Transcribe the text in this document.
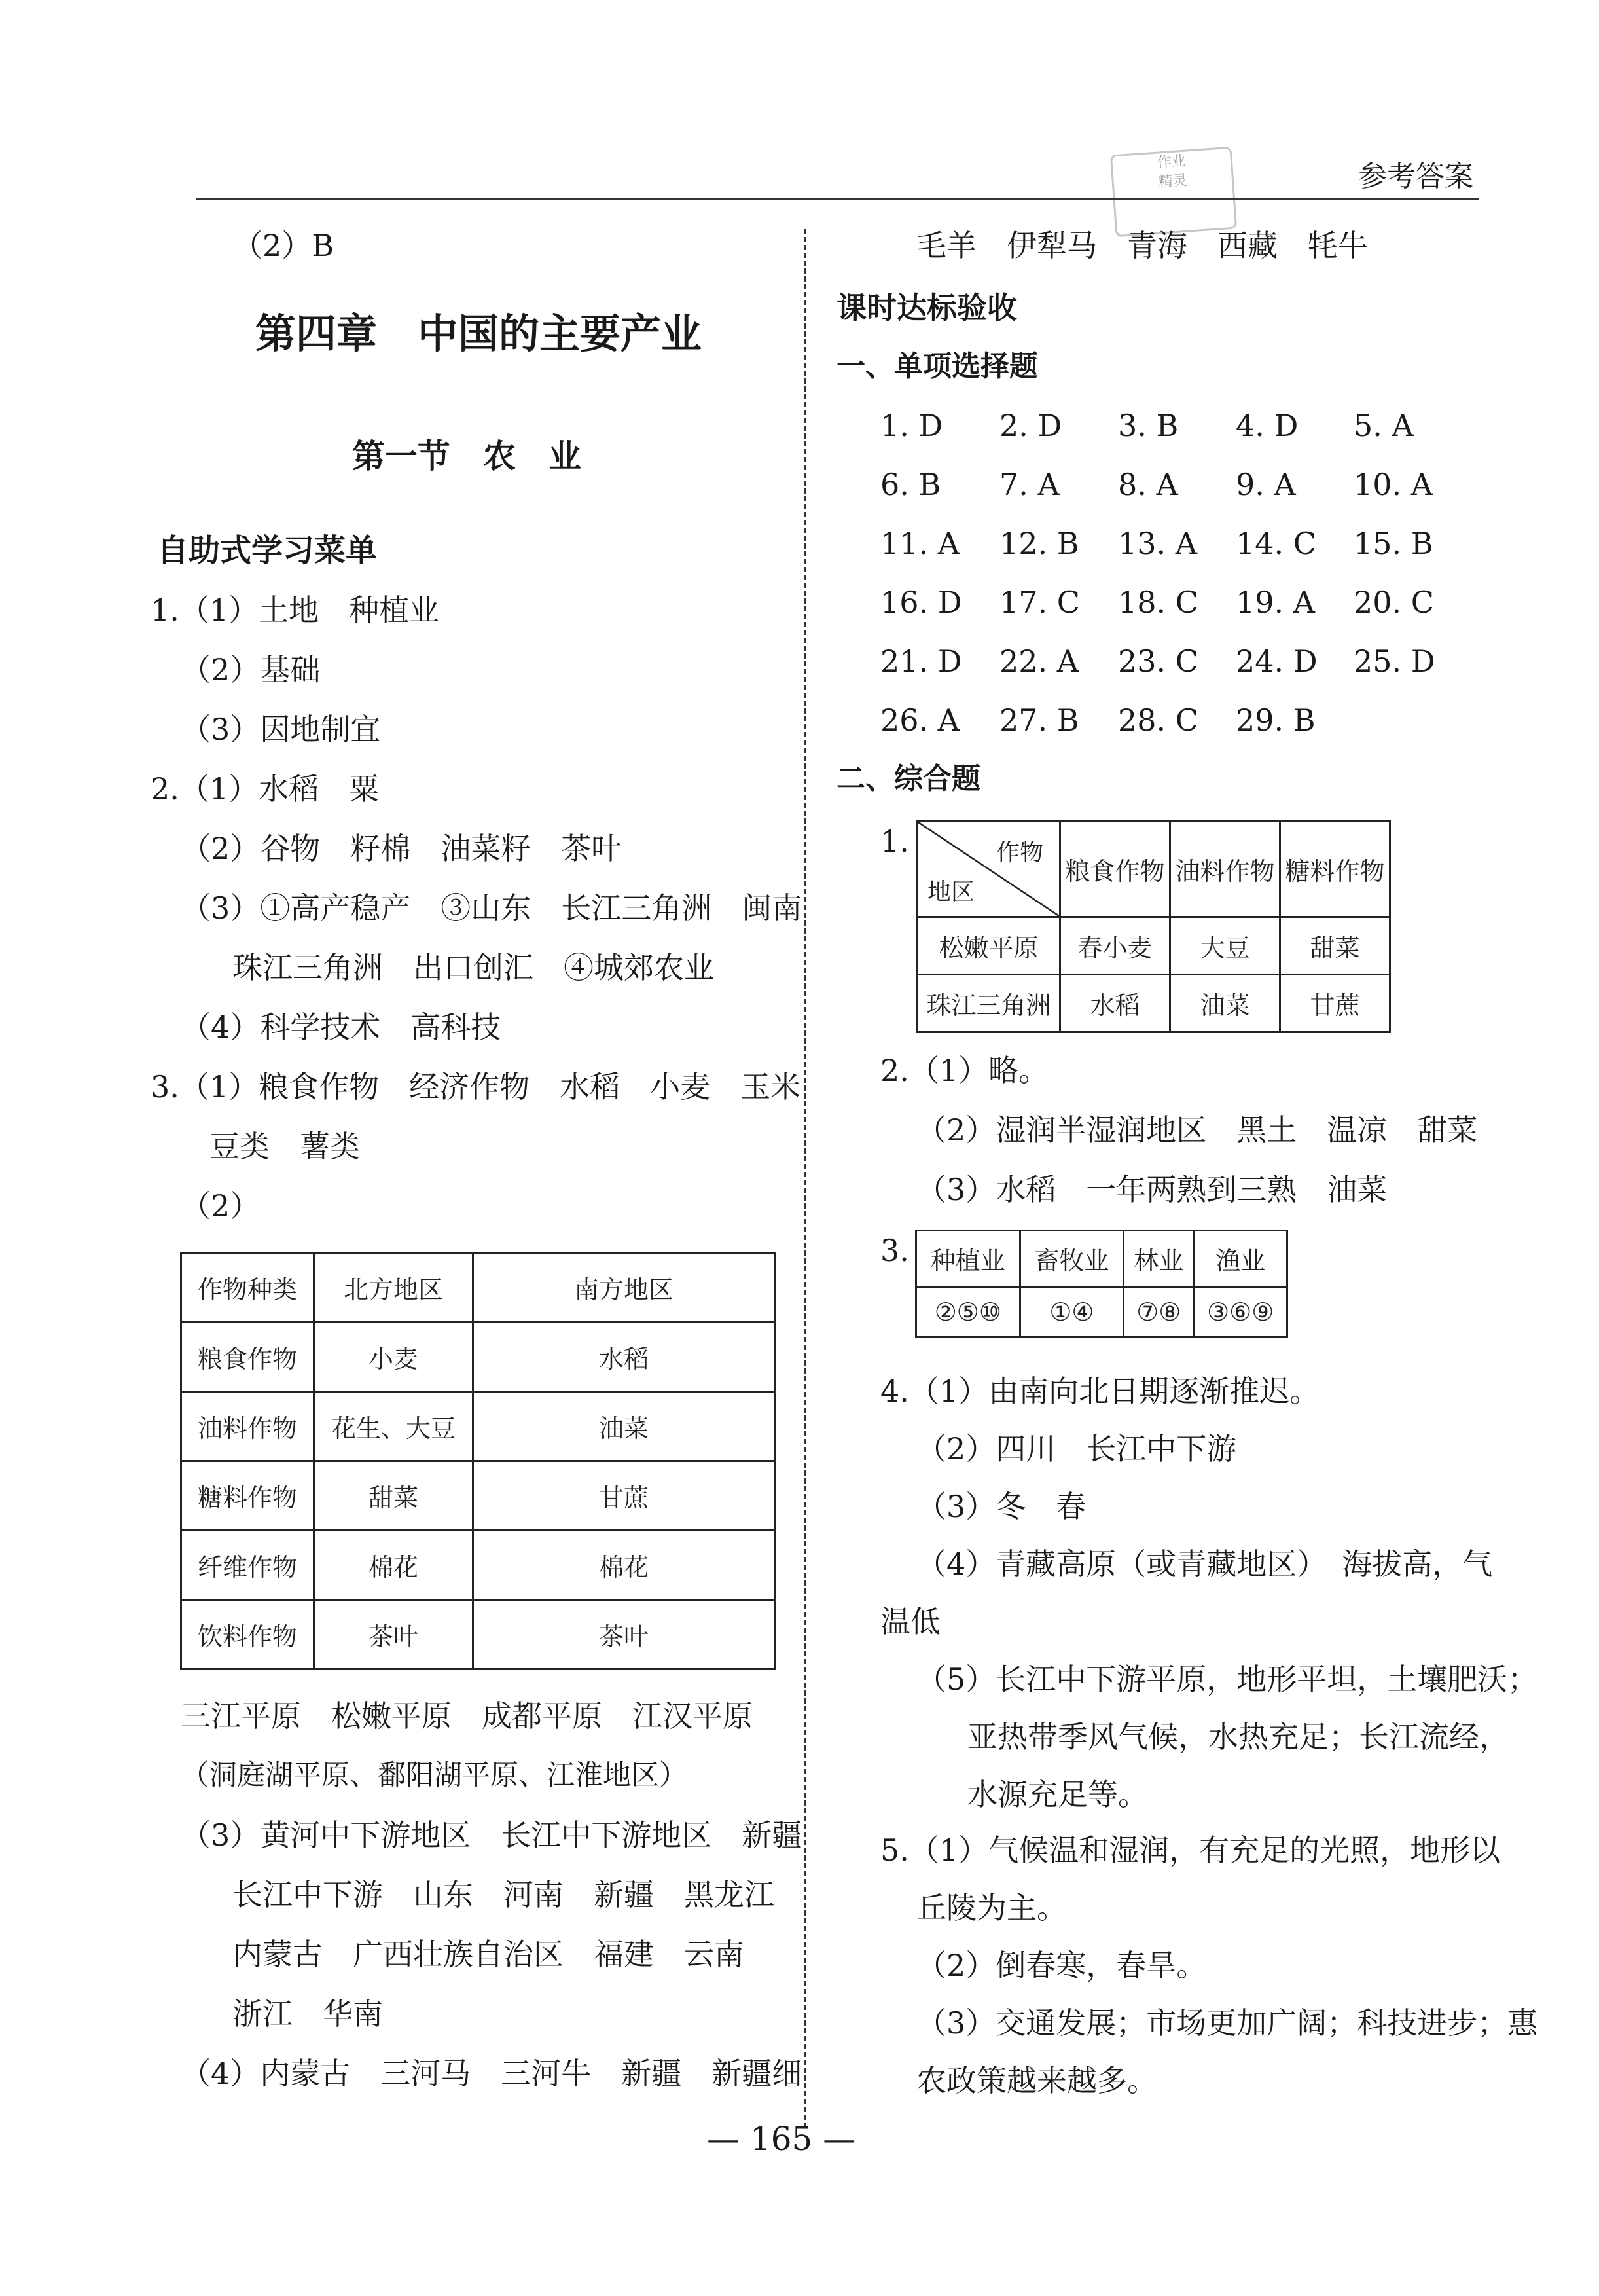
作业
精灵	参考答案
（2）B
第四章　中国的主要产业
第一节　农　业
自助式学习菜单
1.（1）土地　种植业
（2）基础
（3）因地制宜
2.（1）水稻　粟
（2）谷物　籽棉　油菜籽　茶叶
（3）①高产稳产　③山东　长江三角洲　闽南
珠江三角洲　出口创汇　④城郊农业
（4）科学技术　高科技
3.（1）粮食作物　经济作物　水稻　小麦　玉米
豆类　薯类
（2）
作物种类	北方地区	南方地区
粮食作物	小麦	水稻
油料作物	花生、大豆	油菜
糖料作物	甜菜	甘蔗
纤维作物	棉花	棉花
饮料作物	茶叶	茶叶
三江平原　松嫩平原　成都平原　江汉平原
（洞庭湖平原、鄱阳湖平原、江淮地区）
（3）黄河中下游地区　长江中下游地区　新疆
长江中下游　山东　河南　新疆　黑龙江
内蒙古　广西壮族自治区　福建　云南
浙江　华南
（4）内蒙古　三河马　三河牛　新疆　新疆细
毛羊　伊犁马　青海　西藏　牦牛
课时达标验收
一、单项选择题
1. D 2. D 3. B 4. D 5. A
6. B 7. A 8. A 9. A 10. A
11. A 12. B 13. A 14. C 15. B
16. D 17. C 18. C 19. A 20. C
21. D 22. A 23. C 24. D 25. D
26. A 27. B 28. C 29. B
二、综合题
1.	作物
地区	粮食作物	油料作物	糖料作物
松嫩平原	春小麦	大豆	甜菜
珠江三角洲	水稻	油菜	甘蔗
2.（1）略。
（2）湿润半湿润地区　黑土　温凉　甜菜
（3）水稻　一年两熟到三熟　油菜
3. 种植业	畜牧业	林业	渔业
②⑤⑩	①④	⑦⑧	③⑥⑨
4.（1）由南向北日期逐渐推迟。
（2）四川　长江中下游
（3）冬　春
（4）青藏高原（或青藏地区）　海拔高，气
温低
（5）长江中下游平原，地形平坦，土壤肥沃；
亚热带季风气候，水热充足；长江流经，
水源充足等。
5.（1）气候温和湿润，有充足的光照，地形以
丘陵为主。
（2）倒春寒，春旱。
（3）交通发展；市场更加广阔；科技进步；惠
农政策越来越多。
— 165 —
